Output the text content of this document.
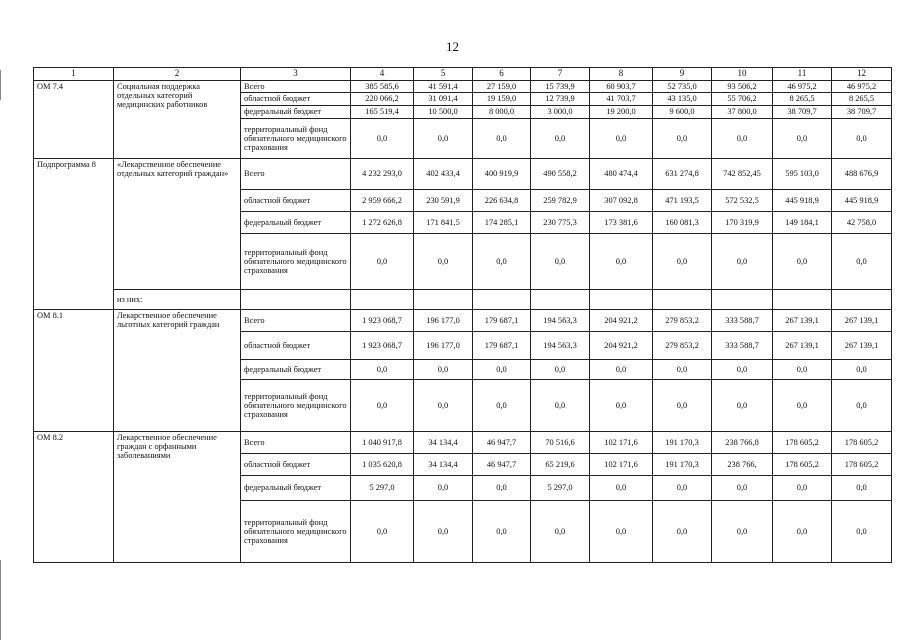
12
1	2	3	4	5	6	7	8	9	10	11	12
ОМ 7.4	Социальная поддержка отдельных категорий медицинских работников	Всего	385 585,6	41 591,4	27 159,0	15 739,9	60 903,7	52 735,0	93 506,2	46 975,2	46 975,2
		областной бюджет	220 066,2	31 091,4	19 159,0	12 739,9	41 703,7	43 135,0	55 706,2	8 265,5	8 265,5
		федеральный бюджет	165 519,4	10 500,0	8 000,0	3 000,0	19 200,0	9 600,0	37 800,0	38 709,7	38 709,7
		территориальный фонд обязательного медицинского страхования	0,0	0,0	0,0	0,0	0,0	0,0	0,0	0,0	0,0
Подпрограмма 8	«Лекарственное обеспечение отдельных категорий граждан»	Всего	4 232 293,0	402 433,4	400 919,9	490 558,2	480 474,4	631 274,8	742 852,45	595 103,0	488 676,9
		областной бюджет	2 959 666,2	230 591,9	226 634,8	259 782,9	307 092,8	471 193,5	572 532,5	445 918,9	445 918,9
		федеральный бюджет	1 272 626,8	171 841,5	174 285,1	230 775,3	173 381,6	160 081,3	170 319,9	149 184,1	42 758,0
		территориальный фонд обязательного медицинского страхования	0,0	0,0	0,0	0,0	0,0	0,0	0,0	0,0	0,0
	из них:										
ОМ 8.1	Лекарственное обеспечение льготных категорий граждан	Всего	1 923 068,7	196 177,0	179 687,1	194 563,3	204 921,2	279 853,2	333 588,7	267 139,1	267 139,1
		областной бюджет	1 923 068,7	196 177,0	179 687,1	194 563,3	204 921,2	279 853,2	333 588,7	267 139,1	267 139,1
		федеральный бюджет	0,0	0,0	0,0	0,0	0,0	0,0	0,0	0,0	0,0
		территориальный фонд обязательного медицинского страхования	0,0	0,0	0,0	0,0	0,0	0,0	0,0	0,0	0,0
ОМ 8.2	Лекарственное обеспечение граждан с орфанными заболеваниями	Всего	1 040 917,8	34 134,4	46 947,7	70 516,6	102 171,6	191 170,3	238 766,8	178 605,2	178 605,2
		областной бюджет	1 035 620,8	34 134,4	46 947,7	65 219,6	102 171,6	191 170,3	238 766,	178 605,2	178 605,2
		федеральный бюджет	5 297,0	0,0	0,0	5 297,0	0,0	0,0	0,0	0,0	0,0
		территориальный фонд обязательного медицинского страхования	0,0	0,0	0,0	0,0	0,0	0,0	0,0	0,0	0,0
